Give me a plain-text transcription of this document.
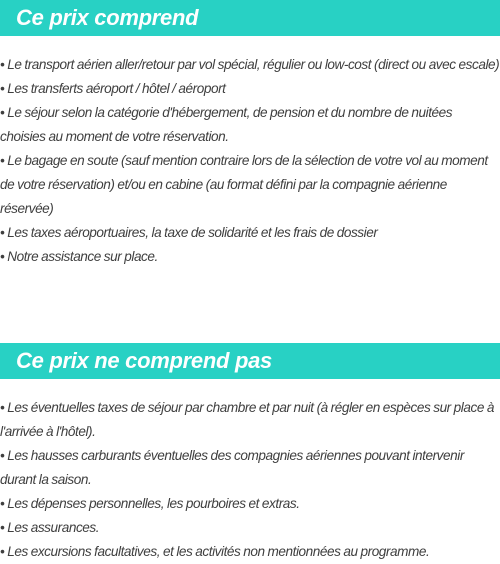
Ce prix comprend
• Le transport aérien aller/retour par vol spécial, régulier ou low-cost (direct ou avec escale)
• Les transferts aéroport / hôtel / aéroport
• Le séjour selon la catégorie d'hébergement, de pension et du nombre de nuitées choisies au moment de votre réservation.
• Le bagage en soute (sauf mention contraire lors de la sélection de votre vol au moment de votre réservation) et/ou en cabine (au format défini par la compagnie aérienne réservée)
• Les taxes aéroportuaires, la taxe de solidarité et les frais de dossier
• Notre assistance sur place.
Ce prix ne comprend pas
• Les éventuelles taxes de séjour par chambre et par nuit (à régler en espèces sur place à l'arrivée à l'hôtel).
• Les hausses carburants éventuelles des compagnies aériennes pouvant intervenir durant la saison.
• Les dépenses personnelles, les pourboires et extras.
• Les assurances.
• Les excursions facultatives, et les activités non mentionnées au programme.
